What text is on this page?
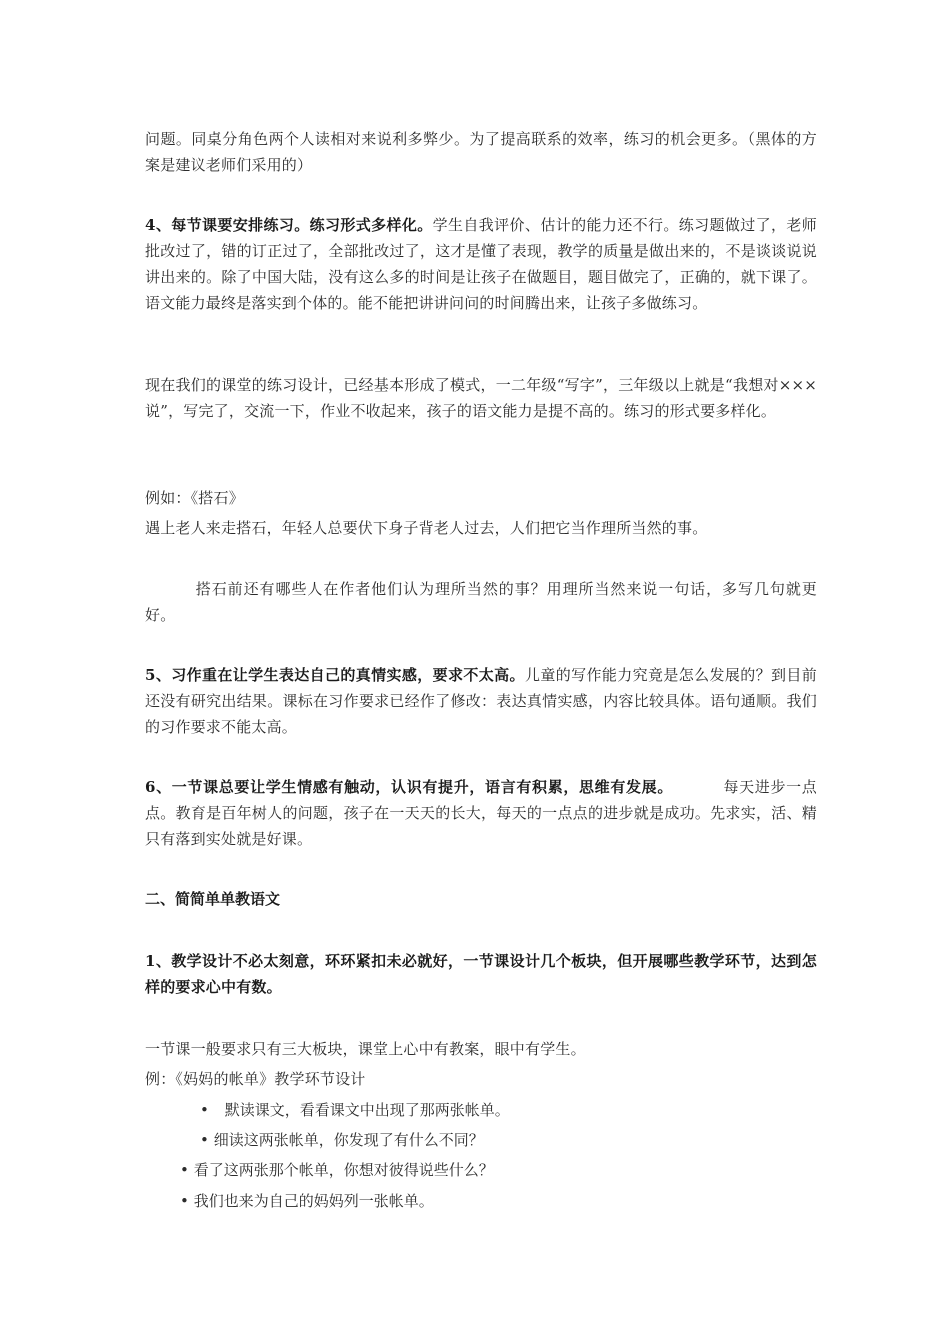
问题。同桌分角色两个人读相对来说利多弊少。为了提高联系的效率，练习的机会更多。（黑体的方案是建议老师们采用的）

4、每节课要安排练习。练习形式多样化。学生自我评价、估计的能力还不行。练习题做过了，老师批改过了，错的订正过了，全部批改过了，这才是懂了表现，教学的质量是做出来的，不是谈谈说说讲出来的。除了中国大陆，没有这么多的时间是让孩子在做题目，题目做完了，正确的，就下课了。语文能力最终是落实到个体的。能不能把讲讲问问的时间腾出来，让孩子多做练习。

现在我们的课堂的练习设计，已经基本形成了模式，一二年级“写字”，三年级以上就是“我想对×××说”，写完了，交流一下，作业不收起来，孩子的语文能力是提不高的。练习的形式要多样化。

例如：《搭石》

遇上老人来走搭石，年轻人总要伏下身子背老人过去，人们把它当作理所当然的事。

搭石前还有哪些人在作者他们认为理所当然的事？用理所当然来说一句话，多写几句就更好。

5、习作重在让学生表达自己的真情实感，要求不太高。儿童的写作能力究竟是怎么发展的？到目前还没有研究出结果。课标在习作要求已经作了修改：表达真情实感，内容比较具体。语句通顺。我们的习作要求不能太高。

6、一节课总要让学生情感有触动，认识有提升，语言有积累，思维有发展。	每天进步一点点。教育是百年树人的问题，孩子在一天天的长大，每天的一点点的进步就是成功。先求实，活、精只有落到实处就是好课。

二、简简单单教语文

1、教学设计不必太刻意，环环紧扣未必就好，一节课设计几个板块，但开展哪些教学环节，达到怎样的要求心中有数。

一节课一般要求只有三大板块，课堂上心中有教案，眼中有学生。

例：《妈妈的帐单》教学环节设计

• 默读课文，看看课文中出现了那两张帐单。
• 细读这两张帐单，你发现了有什么不同？
• 看了这两张那个帐单，你想对彼得说些什么？
• 我们也来为自己的妈妈列一张帐单。
